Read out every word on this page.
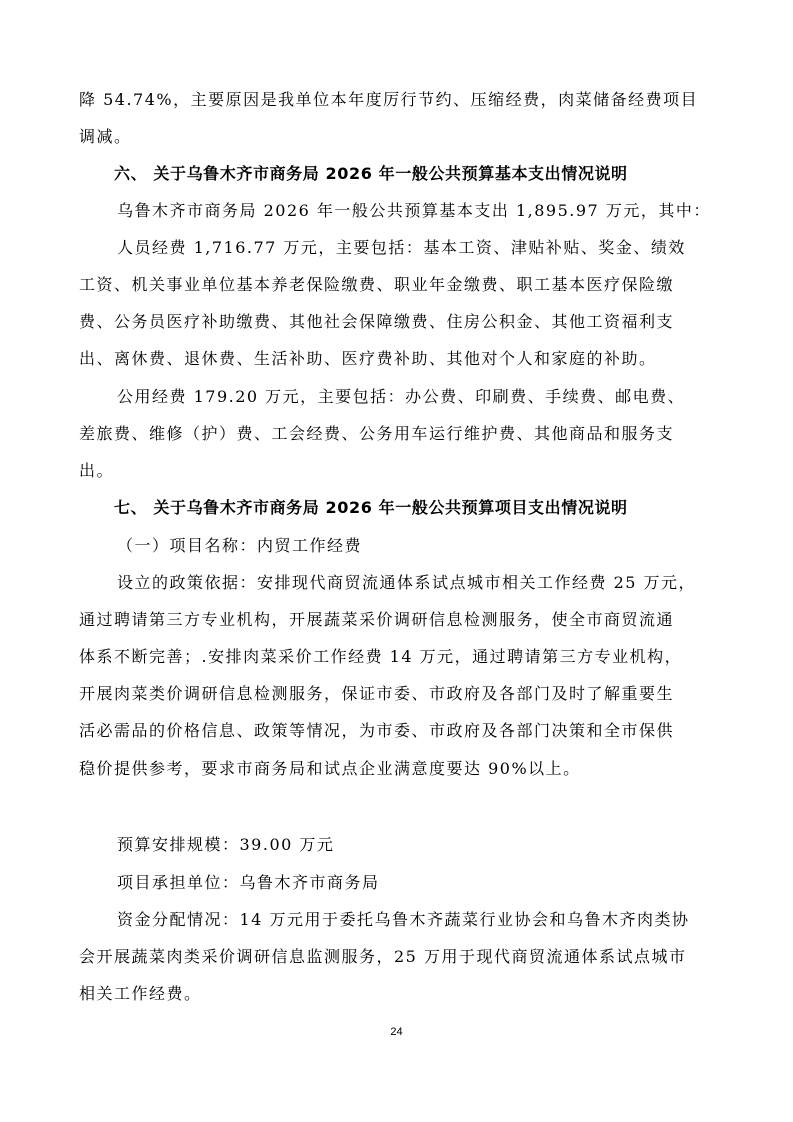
降 54.74%，主要原因是我单位本年度厉行节约、压缩经费，肉菜储备经费项目
调减。
六、 关于乌鲁木齐市商务局 2026 年一般公共预算基本支出情况说明
乌鲁木齐市商务局 2026 年一般公共预算基本支出 1,895.97 万元，其中：
人员经费 1,716.77 万元，主要包括：基本工资、津贴补贴、奖金、绩效
工资、机关事业单位基本养老保险缴费、职业年金缴费、职工基本医疗保险缴
费、公务员医疗补助缴费、其他社会保障缴费、住房公积金、其他工资福利支
出、离休费、退休费、生活补助、医疗费补助、其他对个人和家庭的补助。
公用经费 179.20 万元，主要包括：办公费、印刷费、手续费、邮电费、
差旅费、维修（护）费、工会经费、公务用车运行维护费、其他商品和服务支
出。
七、 关于乌鲁木齐市商务局 2026 年一般公共预算项目支出情况说明
（一）项目名称：内贸工作经费
设立的政策依据：安排现代商贸流通体系试点城市相关工作经费 25 万元，
通过聘请第三方专业机构，开展蔬菜采价调研信息检测服务，使全市商贸流通
体系不断完善；.安排肉菜采价工作经费 14 万元，通过聘请第三方专业机构，
开展肉菜类价调研信息检测服务，保证市委、市政府及各部门及时了解重要生
活必需品的价格信息、政策等情况，为市委、市政府及各部门决策和全市保供
稳价提供参考，要求市商务局和试点企业满意度要达 90%以上。
预算安排规模：39.00 万元
项目承担单位：乌鲁木齐市商务局
资金分配情况：14 万元用于委托乌鲁木齐蔬菜行业协会和乌鲁木齐肉类协
会开展蔬菜肉类采价调研信息监测服务，25 万用于现代商贸流通体系试点城市
相关工作经费。
24
